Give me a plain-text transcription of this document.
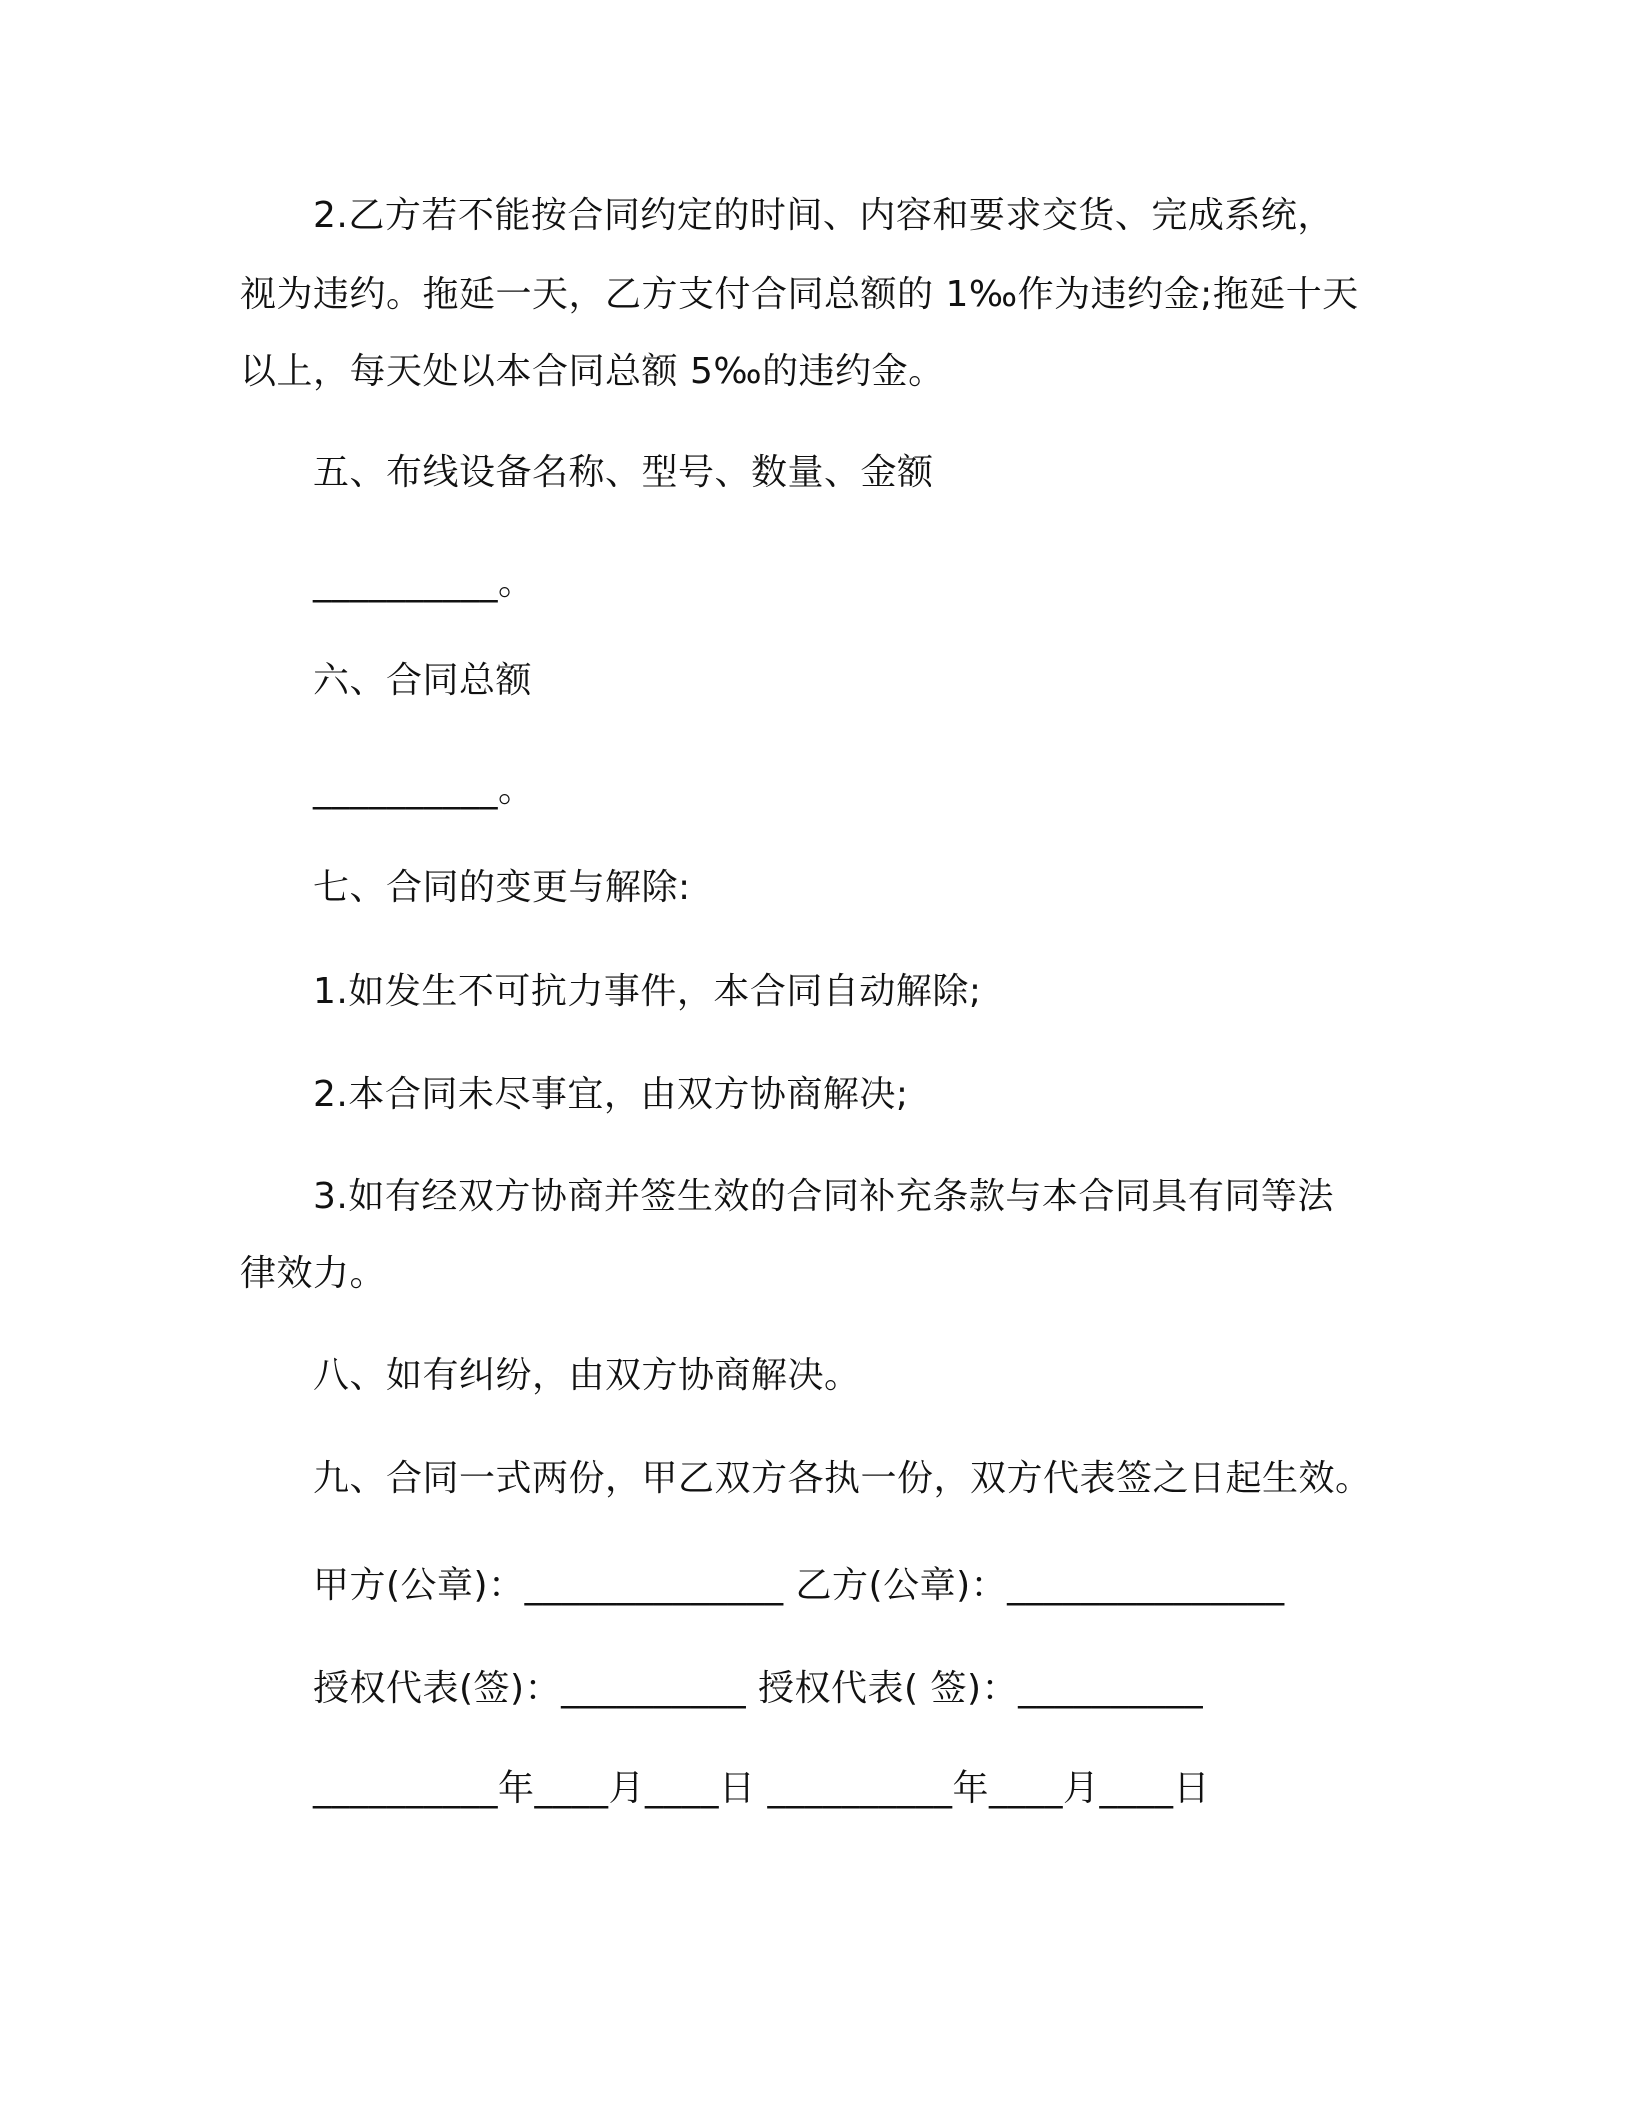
2.乙方若不能按合同约定的时间、内容和要求交货、完成系统，
视为违约。拖延一天，乙方支付合同总额的 1‰作为违约金;拖延十天
以上，每天处以本合同总额 5‰的违约金。
五、布线设备名称、型号、数量、金额
__________。
六、合同总额
__________。
七、合同的变更与解除:
1.如发生不可抗力事件，本合同自动解除;
2.本合同未尽事宜，由双方协商解决;
3.如有经双方协商并签生效的合同补充条款与本合同具有同等法
律效力。
八、如有纠纷，由双方协商解决。
九、合同一式两份，甲乙双方各执一份，双方代表签之日起生效。
甲方(公章)：______________ 乙方(公章)：_______________
授权代表(签)：__________ 授权代表( 签)：__________
__________年____月____日 __________年____月____日
